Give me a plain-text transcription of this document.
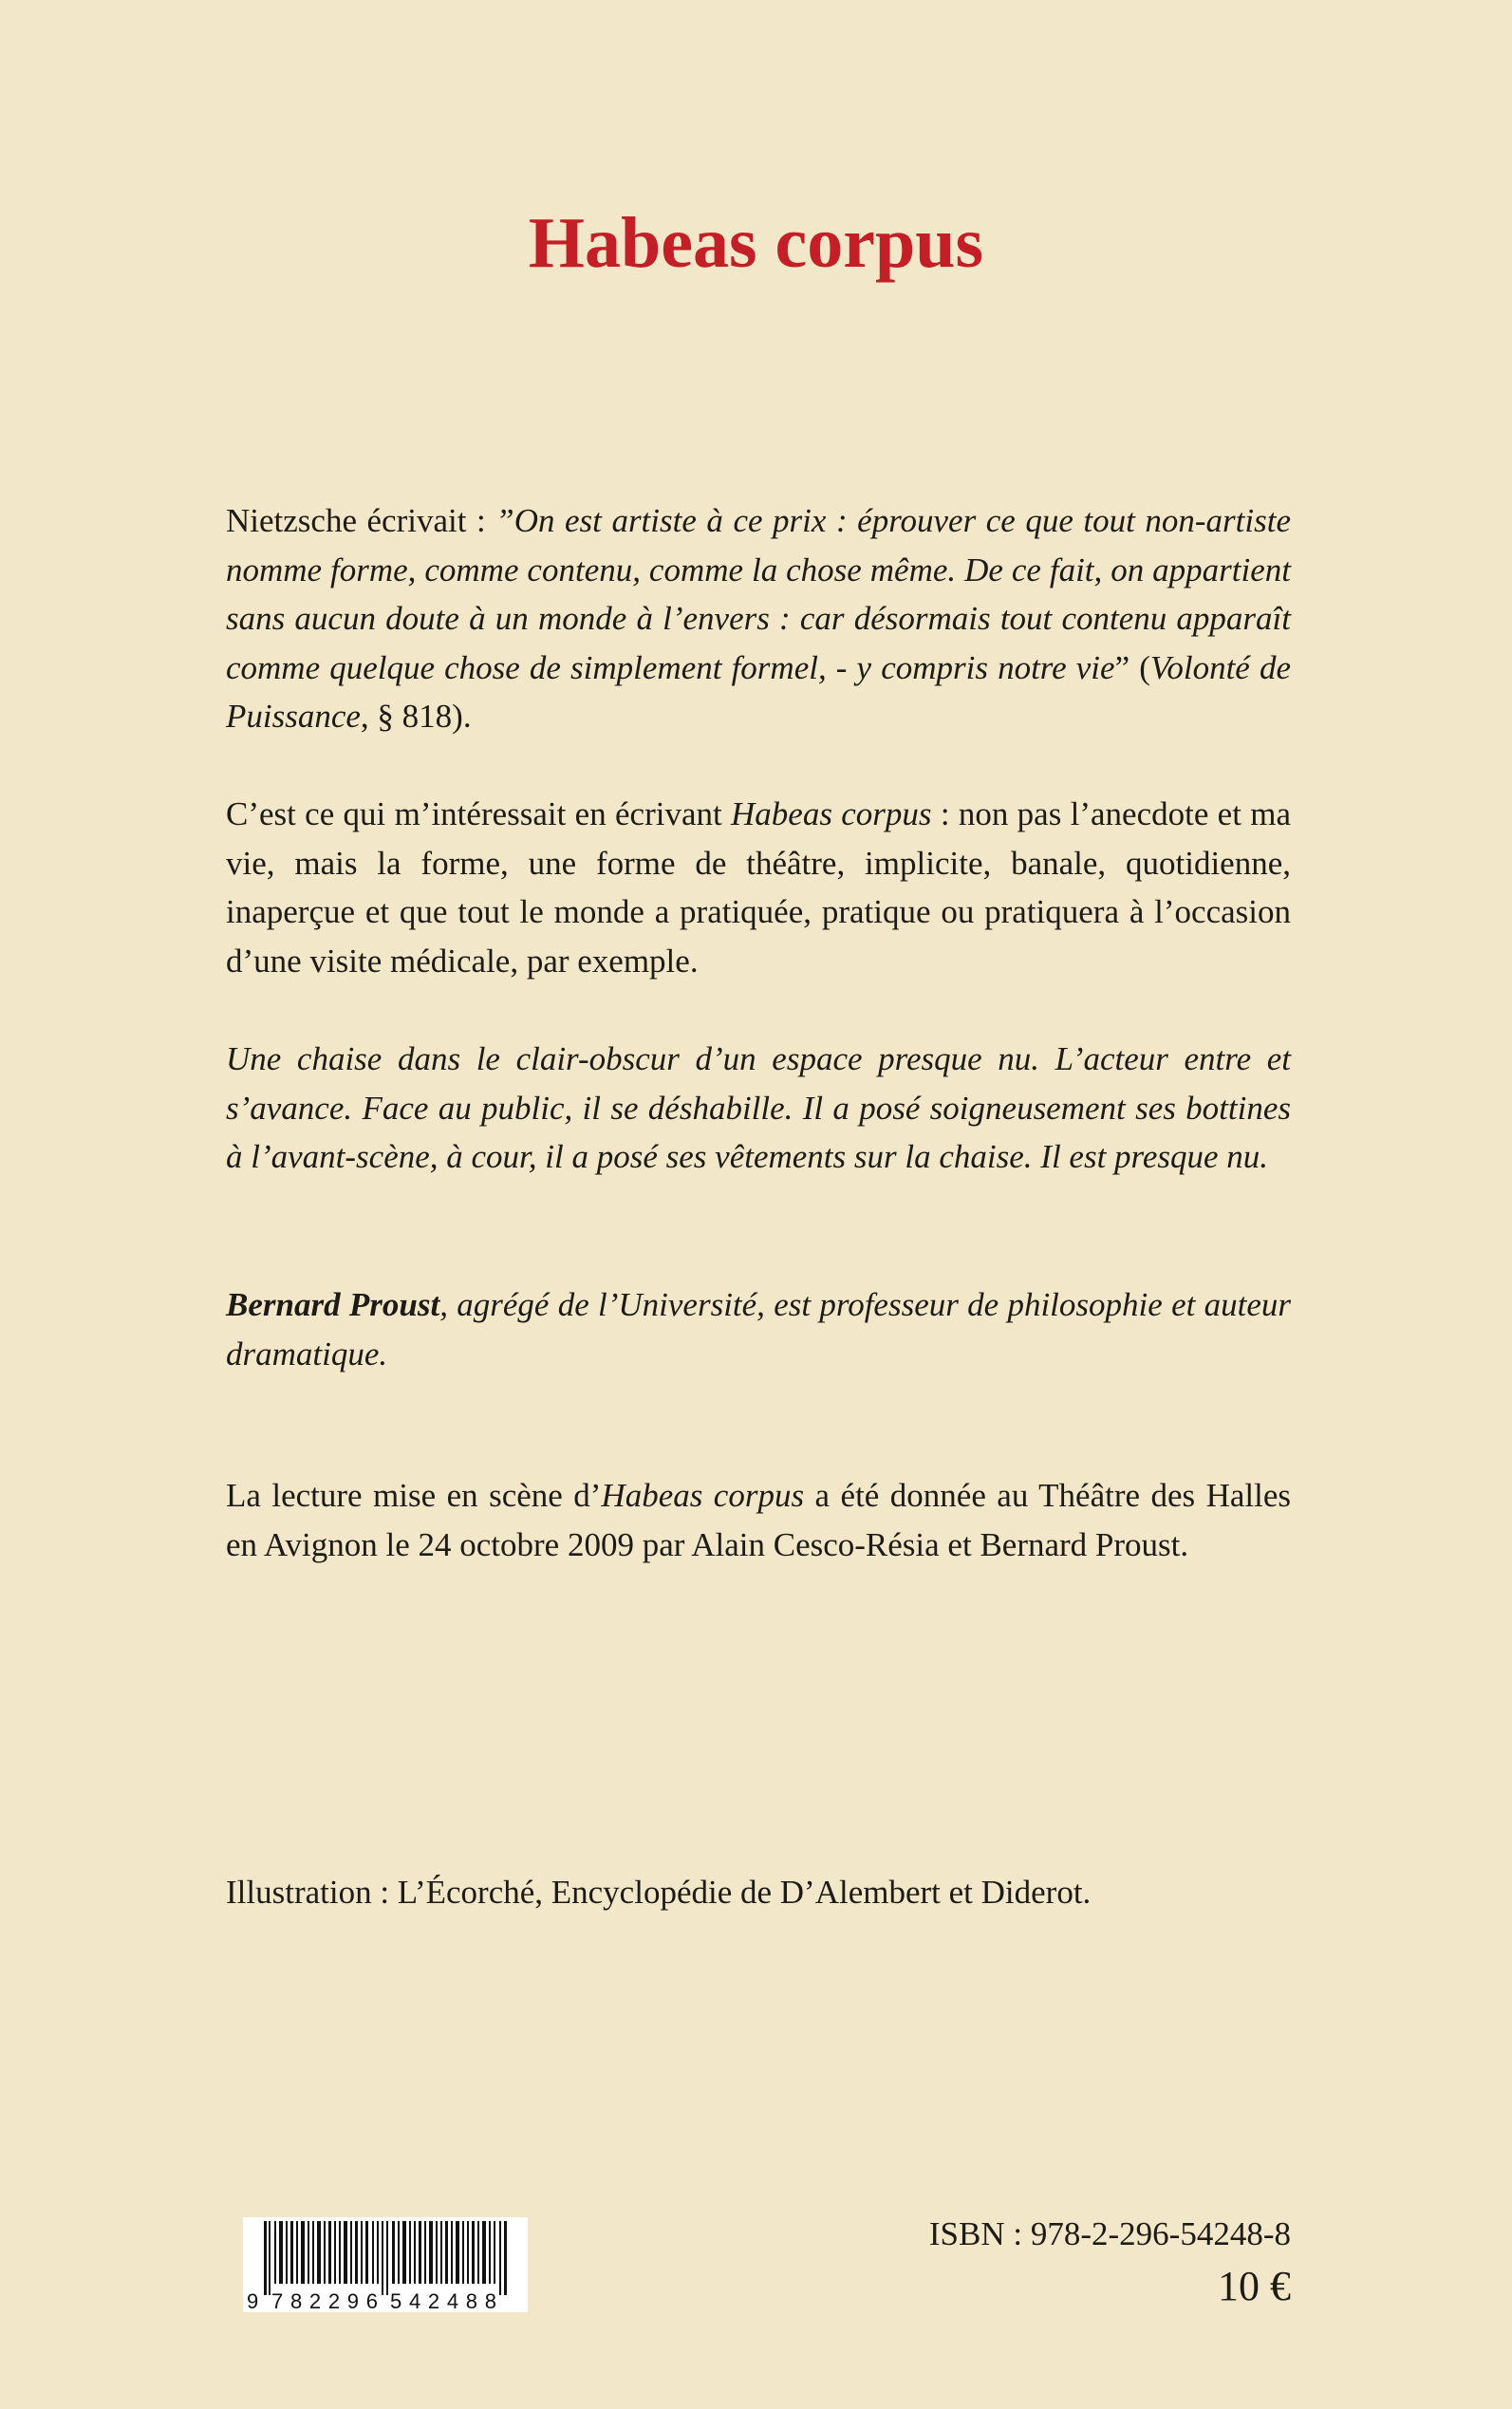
Habeas corpus

Nietzsche écrivait : ”On est artiste à ce prix : éprouver ce que tout non-artiste nomme forme, comme contenu, comme la chose même. De ce fait, on appartient sans aucun doute à un monde à l’envers : car désormais tout contenu apparaît comme quelque chose de simplement formel, - y compris notre vie” (Volonté de Puissance, § 818).

C’est ce qui m’intéressait en écrivant Habeas corpus : non pas l’anecdote et ma vie, mais la forme, une forme de théâtre, implicite, banale, quotidienne, inaperçue et que tout le monde a pratiquée, pratique ou pratiquera à l’occasion d’une visite médicale, par exemple.

Une chaise dans le clair-obscur d’un espace presque nu. L’acteur entre et s’avance. Face au public, il se déshabille. Il a posé soigneusement ses bottines à l’avant-scène, à cour, il a posé ses vêtements sur la chaise. Il est presque nu.

Bernard Proust, agrégé de l’Université, est professeur de philosophie et auteur dramatique.

La lecture mise en scène d’Habeas corpus a été donnée au Théâtre des Halles en Avignon le 24 octobre 2009 par Alain Cesco-Résia et Bernard Proust.

Illustration : L’Écorché, Encyclopédie de D’Alembert et Diderot.

9 782296 542488

ISBN : 978-2-296-54248-8

10 €
